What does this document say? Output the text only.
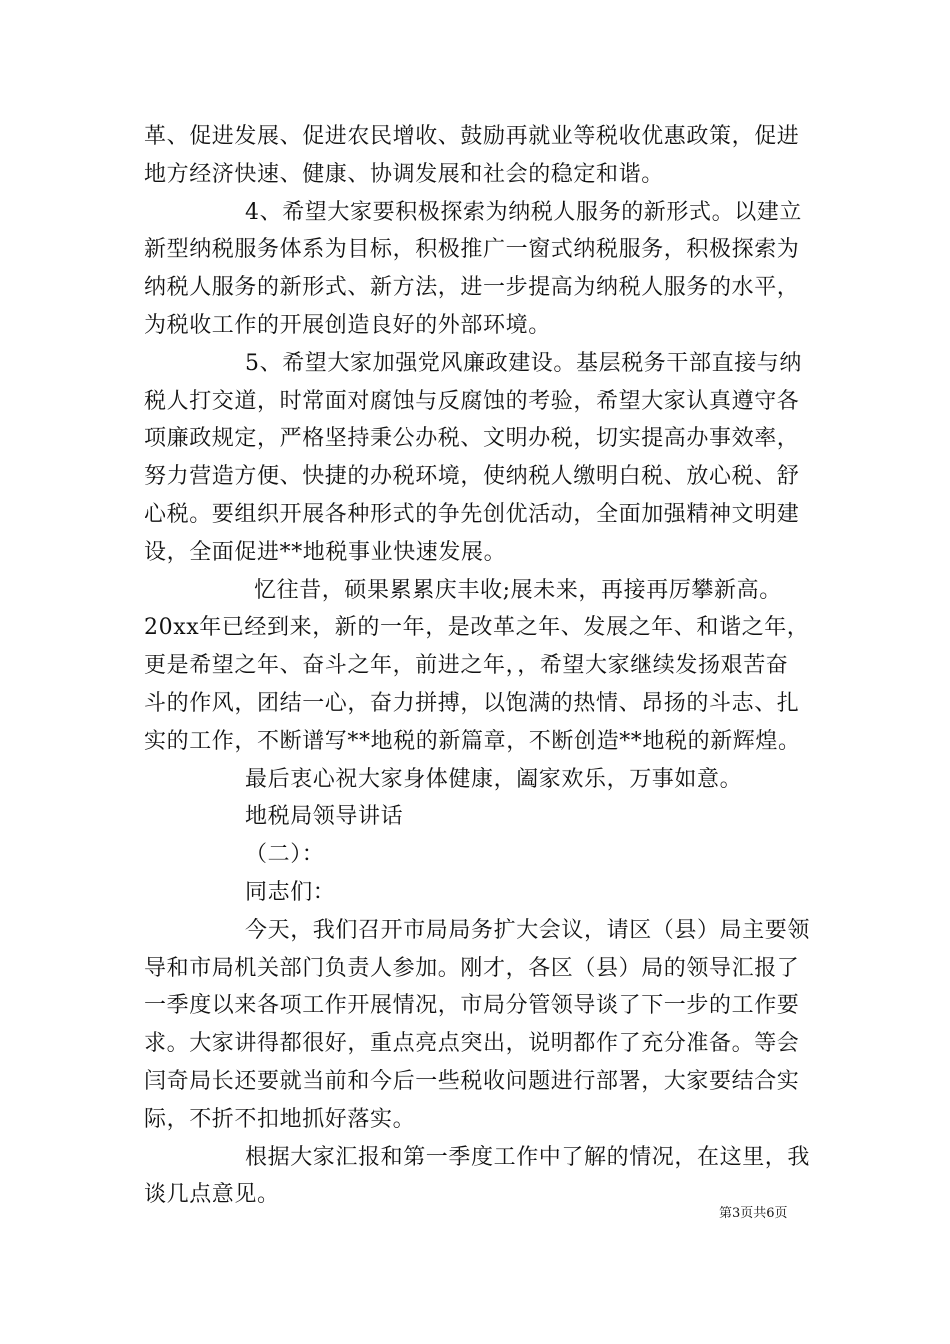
革、促进发展、促进农民增收、鼓励再就业等税收优惠政策，促进
地方经济快速、健康、协调发展和社会的稳定和谐。
4、希望大家要积极探索为纳税人服务的新形式。以建立
新型纳税服务体系为目标，积极推广一窗式纳税服务，积极探索为
纳税人服务的新形式、新方法，进一步提高为纳税人服务的水平，
为税收工作的开展创造良好的外部环境。
5、希望大家加强党风廉政建设。基层税务干部直接与纳
税人打交道，时常面对腐蚀与反腐蚀的考验，希望大家认真遵守各
项廉政规定，严格坚持秉公办税、文明办税，切实提高办事效率，
努力营造方便、快捷的办税环境，使纳税人缴明白税、放心税、舒
心税。要组织开展各种形式的争先创优活动，全面加强精神文明建
设，全面促进**地税事业快速发展。
忆往昔，硕果累累庆丰收;展未来，再接再厉攀新高。
20xx年已经到来，新的一年，是改革之年、发展之年、和谐之年，
更是希望之年、奋斗之年，前进之年，，希望大家继续发扬艰苦奋
斗的作风，团结一心，奋力拼搏，以饱满的热情、昂扬的斗志、扎
实的工作，不断谱写**地税的新篇章，不断创造**地税的新辉煌。
最后衷心祝大家身体健康，阖家欢乐，万事如意。
地税局领导讲话
（二）：
同志们：
今天，我们召开市局局务扩大会议，请区（县）局主要领
导和市局机关部门负责人参加。刚才，各区（县）局的领导汇报了
一季度以来各项工作开展情况，市局分管领导谈了下一步的工作要
求。大家讲得都很好，重点亮点突出，说明都作了充分准备。等会
闫奇局长还要就当前和今后一些税收问题进行部署，大家要结合实
际，不折不扣地抓好落实。
根据大家汇报和第一季度工作中了解的情况，在这里，我
谈几点意见。
第3页共6页
